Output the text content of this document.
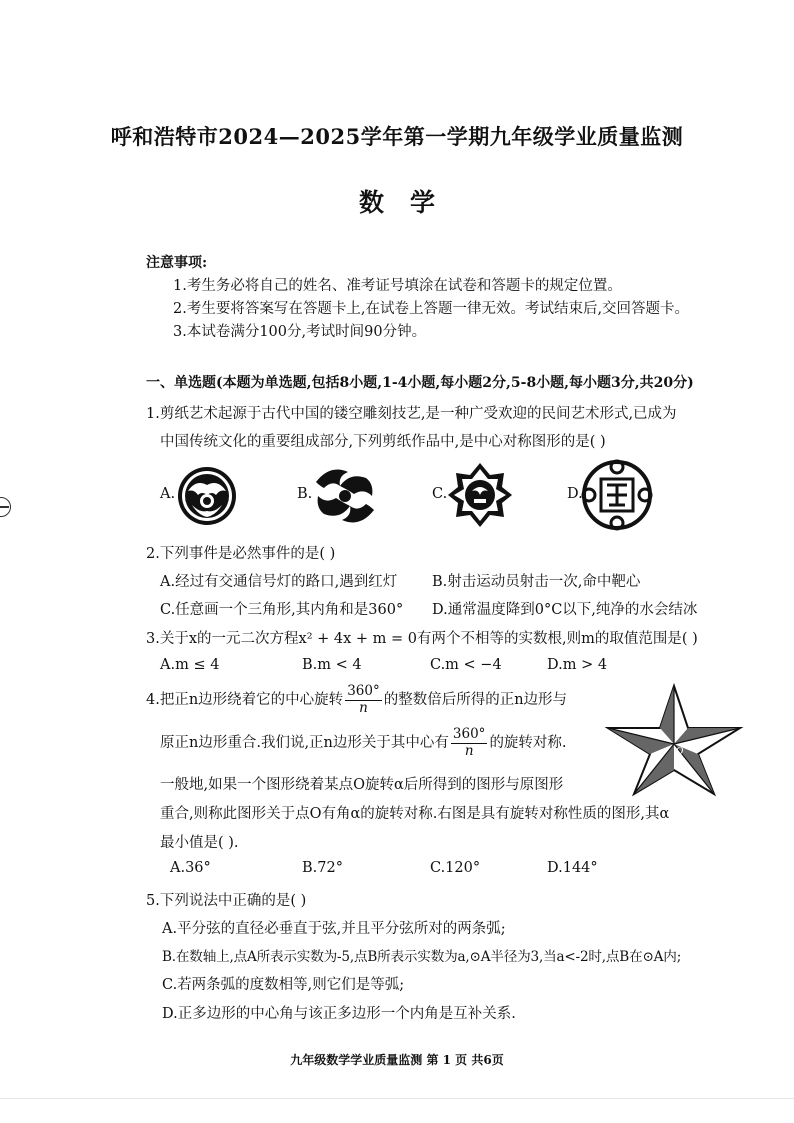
呼和浩特市2024—2025学年第一学期九年级学业质量监测
数学
注意事项:
1.考生务必将自己的姓名、准考证号填涂在试卷和答题卡的规定位置。
2.考生要将答案写在答题卡上,在试卷上答题一律无效。考试结束后,交回答题卡。
3.本试卷满分100分,考试时间90分钟。
一、单选题(本题为单选题,包括8小题,1-4小题,每小题2分,5-8小题,每小题3分,共20分)
1.剪纸艺术起源于古代中国的镂空雕刻技艺,是一种广受欢迎的民间艺术形式,已成为
中国传统文化的重要组成部分,下列剪纸作品中,是中心对称图形的是( )
A.	B.	C.	D.
2.下列事件是必然事件的是( )
A.经过有交通信号灯的路口,遇到红灯 B.射击运动员射击一次,命中靶心
C.任意画一个三角形,其内角和是360° D.通常温度降到0°C以下,纯净的水会结冰
3.关于x的一元二次方程x² + 4x + m = 0有两个不相等的实数根,则m的取值范围是( )
A.m ≤ 4	B.m < 4	C.m < −4	D.m > 4
4.把正n边形绕着它的中心旋转 $\frac{360^\circ}{n}$ 的整数倍后所得的正n边形与
原正n边形重合.我们说,正n边形关于其中心有 $\frac{360^\circ}{n}$ 的旋转对称.
一般地,如果一个图形绕着某点O旋转α后所得到的图形与原图形
重合,则称此图形关于点O有角α的旋转对称.右图是具有旋转对称性质的图形,其α
最小值是( ).
O
A.36°	B.72°	C.120°	D.144°
5.下列说法中正确的是( )
A.平分弦的直径必垂直于弦,并且平分弦所对的两条弧;
B.在数轴上,点A所表示实数为-5,点B所表示实数为a,⊙A半径为3,当a<-2时,点B在⊙A内;
C.若两条弧的度数相等,则它们是等弧;
D.正多边形的中心角与该正多边形一个内角是互补关系.
九年级数学学业质量监测 第 1 页 共6页
